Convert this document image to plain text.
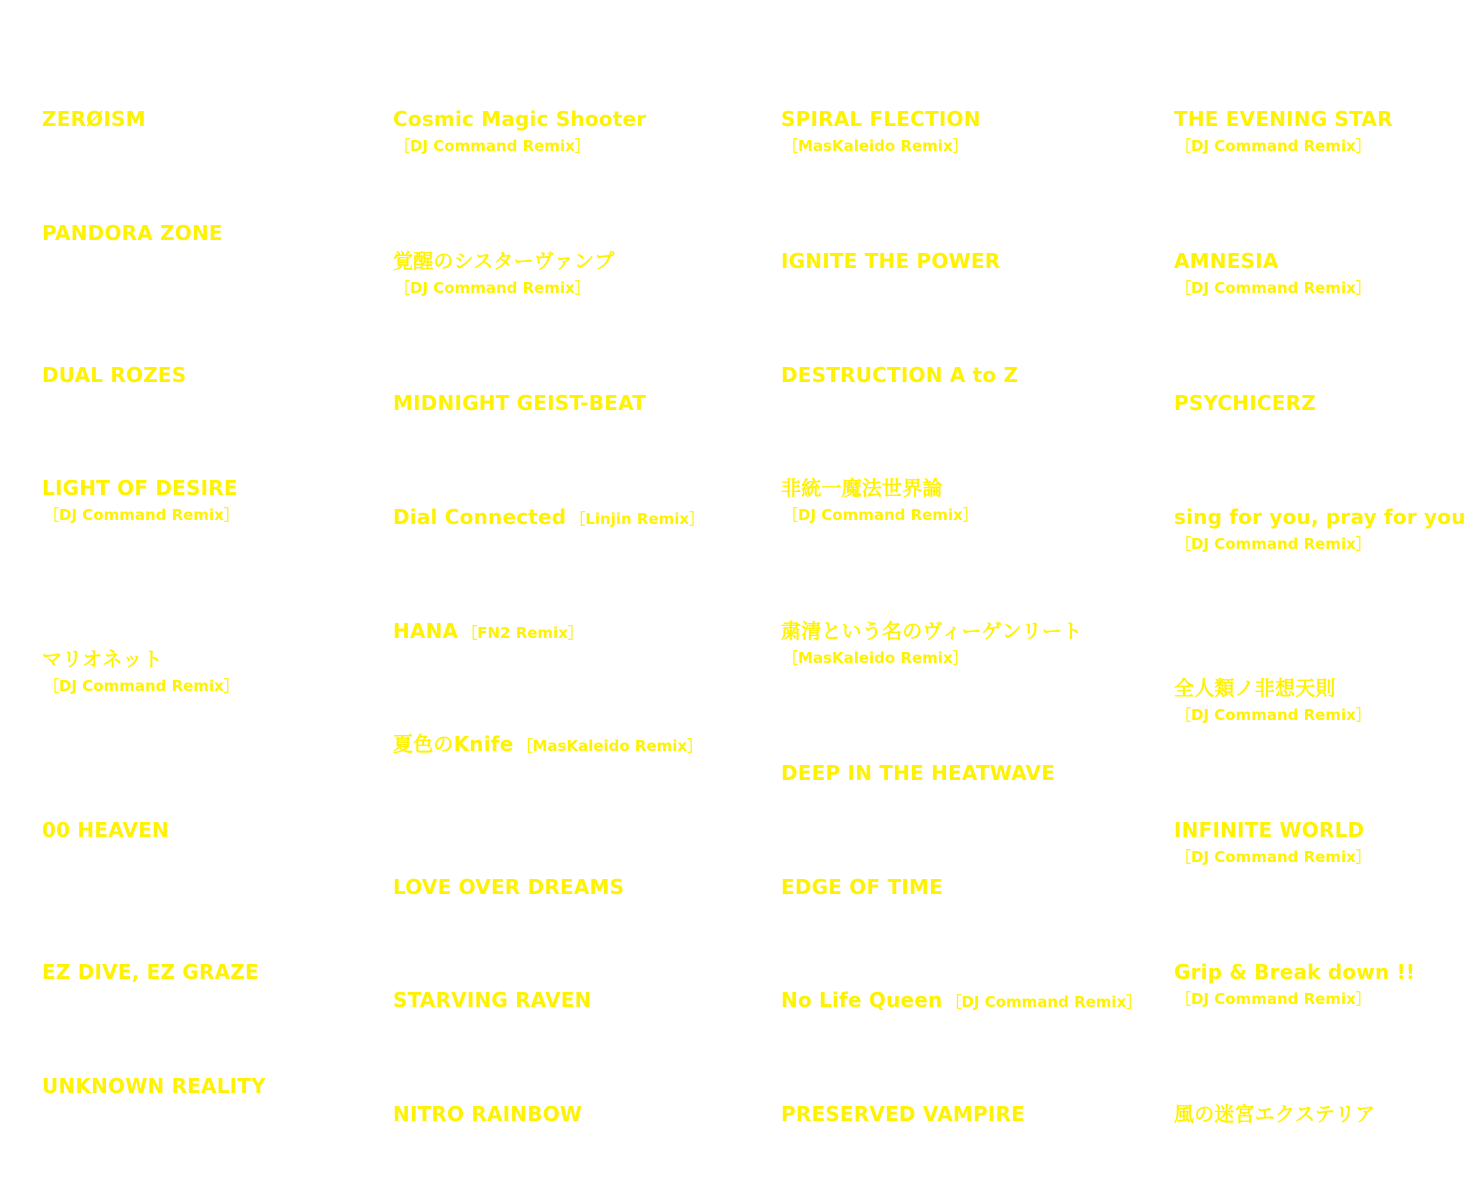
ZERØISM
PANDORA ZONE
DUAL ROZES
LIGHT OF DESIRE
［DJ Command Remix］
マリオネット
［DJ Command Remix］
00 HEAVEN
EZ DIVE, EZ GRAZE
UNKNOWN REALITY
Cosmic Magic Shooter
［DJ Command Remix］
覚醒のシスターヴァンプ
［DJ Command Remix］
MIDNIGHT GEIST-BEAT
Dial Connected ［Linjin Remix］
HANA ［FN2 Remix］
夏色のKnife ［MasKaleido Remix］
LOVE OVER DREAMS
STARVING RAVEN
NITRO RAINBOW
SPIRAL FLECTION
［MasKaleido Remix］
IGNITE THE POWER
DESTRUCTION A to Z
非統一魔法世界論
［DJ Command Remix］
粛清という名のヴィーゲンリート
［MasKaleido Remix］
DEEP IN THE HEATWAVE
EDGE OF TIME
No Life Queen ［DJ Command Remix］
PRESERVED VAMPIRE
THE EVENING STAR
［DJ Command Remix］
AMNESIA
［DJ Command Remix］
PSYCHICERZ
sing for you, pray for you
［DJ Command Remix］
全人類ノ非想天則
［DJ Command Remix］
INFINITE WORLD
［DJ Command Remix］
Grip & Break down !!
［DJ Command Remix］
風の迷宮エクステリア
